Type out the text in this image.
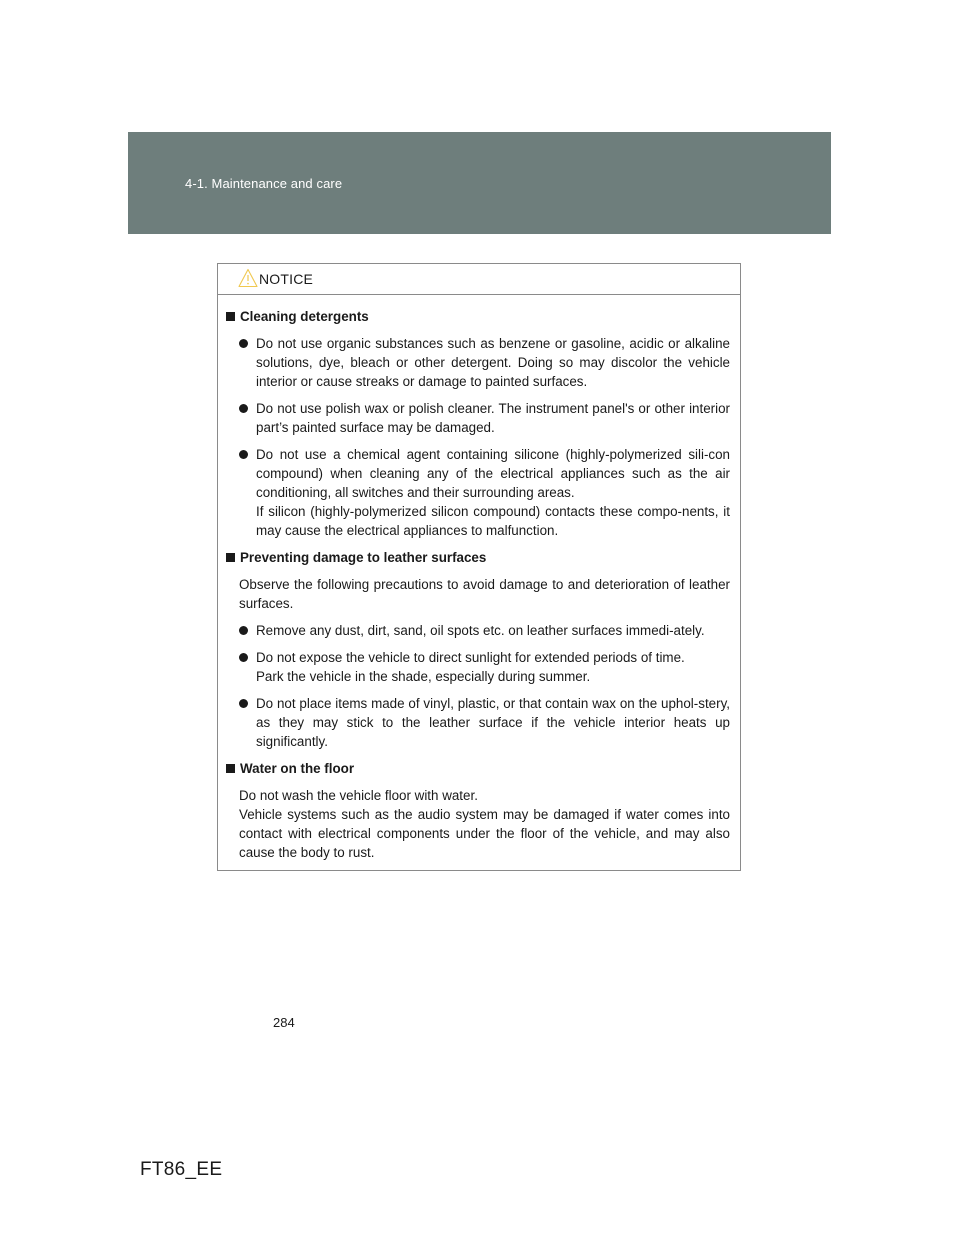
4-1. Maintenance and care
NOTICE
Cleaning detergents
Do not use organic substances such as benzene or gasoline, acidic or alkaline solutions, dye, bleach or other detergent. Doing so may discolor the vehicle interior or cause streaks or damage to painted surfaces.
Do not use polish wax or polish cleaner. The instrument panel's or other interior part’s painted surface may be damaged.
Do not use a chemical agent containing silicone (highly-polymerized sili-con compound) when cleaning any of the electrical appliances such as the air conditioning, all switches and their surrounding areas.
If silicon (highly-polymerized silicon compound) contacts these compo-nents, it may cause the electrical appliances to malfunction.
Preventing damage to leather surfaces
Observe the following precautions to avoid damage to and deterioration of leather surfaces.
Remove any dust, dirt, sand, oil spots etc. on leather surfaces immedi-ately.
Do not expose the vehicle to direct sunlight for extended periods of time.
Park the vehicle in the shade, especially during summer.
Do not place items made of vinyl, plastic, or that contain wax on the uphol-stery, as they may stick to the leather surface if the vehicle interior heats up significantly.
Water on the floor
Do not wash the vehicle floor with water.
Vehicle systems such as the audio system may be damaged if water comes into contact with electrical components under the floor of the vehicle, and may also cause the body to rust.
284
FT86_EE
